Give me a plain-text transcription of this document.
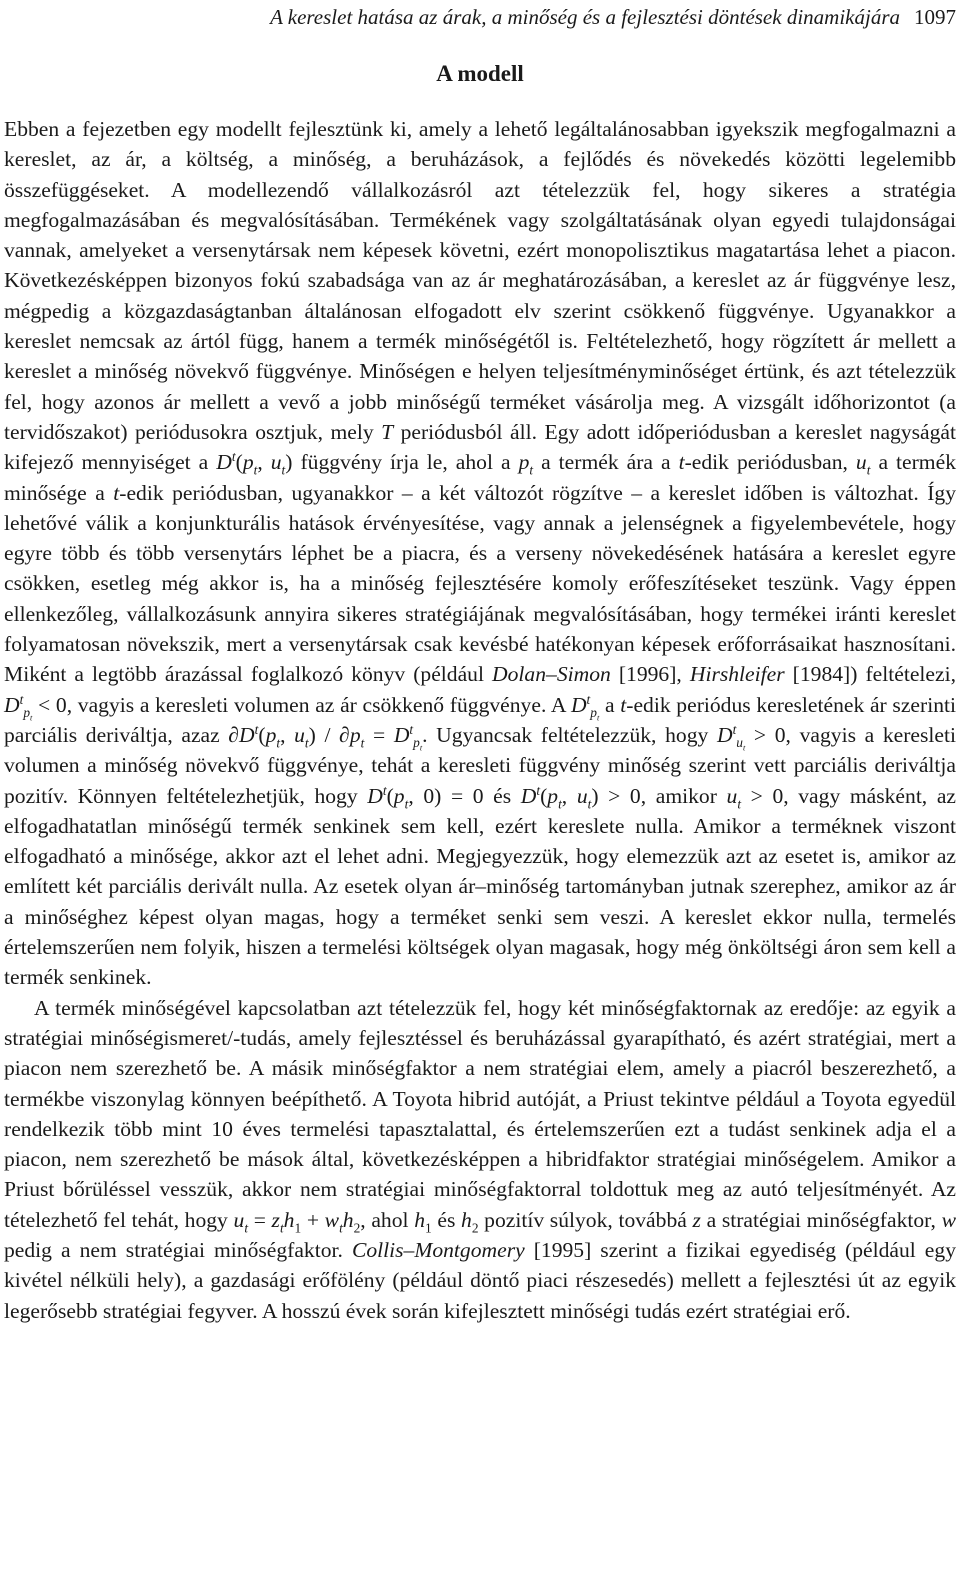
A kereslet hatása az árak, a minőség és a fejlesztési döntések dinamikájára 1097
A modell

Ebben a fejezetben egy modellt fejlesztünk ki, amely a lehető legáltalánosabban igyekszik megfogalmazni a kereslet, az ár, a költség, a minőség, a beruházások, a fejlődés és növekedés közötti legelemibb összefüggéseket. A modellezendő vállalkozásról azt tételezzük fel, hogy sikeres a stratégia megfogalmazásában és megvalósításában. Termékének vagy szolgáltatásának olyan egyedi tulajdonságai vannak, amelyeket a versenytársak nem képesek követni, ezért monopolisztikus magatartása lehet a piacon. Következésképpen bizonyos fokú szabadsága van az ár meghatározásában, a kereslet az ár függvénye lesz, mégpedig a közgazdaságtanban általánosan elfogadott elv szerint csökkenő függvénye. Ugyanakkor a kereslet nemcsak az ártól függ, hanem a termék minőségétől is. Feltételezhető, hogy rögzített ár mellett a kereslet a minőség növekvő függvénye. Minőségen e helyen teljesítményminőséget értünk, és azt tételezzük fel, hogy azonos ár mellett a vevő a jobb minőségű terméket vásárolja meg. A vizsgált időhorizontot (a tervidőszakot) periódusokra osztjuk, mely T periódusból áll. Egy adott időperiódusban a kereslet nagyságát kifejező mennyiséget a $D^t(p_t$, $u_t$) függvény írja le, ahol a $p_t$ a termék ára a t-edik periódusban, $u_t$ a termék minősége a t-edik periódusban, ugyanakkor – a két változót rögzítve – a kereslet időben is változhat. Így lehetővé válik a konjunkturális hatások érvényesítése, vagy annak a jelenségnek a figyelembevétele, hogy egyre több és több versenytárs léphet be a piacra, és a verseny növekedésének hatására a kereslet egyre csökken, esetleg még akkor is, ha a minőség fejlesztésére komoly erőfeszítéseket teszünk. Vagy éppen ellenkezőleg, vállalkozásunk annyira sikeres stratégiájának megvalósításában, hogy termékei iránti kereslet folyamatosan növekszik, mert a versenytársak csak kevésbé hatékonyan képesek erőforrásaikat hasznosítani. Miként a legtöbb árazással foglalkozó könyv (például Dolan–Simon [1996], Hirshleifer [1984]) feltételezi, $D^t_{p_t} < 0$, vagyis a keresleti volumen az ár csökkenő függvénye. A $D^t_{p_t}$ a t-edik periódus keresletének ár szerinti parciális deriváltja, azaz $\partial D^t(p_t$, $u_t) / \partial p_t = D^t_{p_t}$. Ugyancsak feltételezzük, hogy $D^t_{u_t} > 0$, vagyis a keresleti volumen a minőség növekvő függvénye, tehát a keresleti függvény minőség szerint vett parciális deriváltja pozitív. Könnyen feltételezhetjük, hogy $D^t(p_t$, 0) = 0 és $D^t(p_t$, $u_t) > 0$, amikor $u_t > 0$, vagy másként, az elfogadhatatlan minőségű termék senkinek sem kell, ezért kereslete nulla. Amikor a terméknek viszont elfogadható a minősége, akkor azt el lehet adni. Megjegyezzük, hogy elemezzük azt az esetet is, amikor az említett két parciális derivált nulla. Az esetek olyan ár–minőség tartományban jutnak szerephez, amikor az ár a minőséghez képest olyan magas, hogy a terméket senki sem veszi. A kereslet ekkor nulla, termelés értelemszerűen nem folyik, hiszen a termelési költségek olyan magasak, hogy még önköltségi áron sem kell a termék senkinek.

A termék minőségével kapcsolatban azt tételezzük fel, hogy két minőségfaktornak az eredője: az egyik a stratégiai minőségismeret/-tudás, amely fejlesztéssel és beruházással gyarapítható, és azért stratégiai, mert a piacon nem szerezhető be. A másik minőségfaktor a nem stratégiai elem, amely a piacról beszerezhető, a termékbe viszonylag könnyen beépíthető. A Toyota hibrid autóját, a Priust tekintve például a Toyota egyedül rendelkezik több mint 10 éves termelési tapasztalattal, és értelemszerűen ezt a tudást senkinek adja el a piacon, nem szerezhető be mások által, következésképpen a hibridfaktor stratégiai minőségelem. Amikor a Priust bőrüléssel vesszük, akkor nem stratégiai minőségfaktorral toldottuk meg az autó teljesítményét. Az tételezhető fel tehát, hogy $u_t = z_th_1 + w_th_2$, ahol $h_1$ és $h_2$ pozitív súlyok, továbbá z a stratégiai minőségfaktor, w pedig a nem stratégiai minőségfaktor. Collis–Montgomery [1995] szerint a fizikai egyediség (például egy kivétel nélküli hely), a gazdasági erőfölény (például döntő piaci részesedés) mellett a fejlesztési út az egyik legerősebb stratégiai fegyver. A hosszú évek során kifejlesztett minőségi tudás ezért stratégiai erő.
